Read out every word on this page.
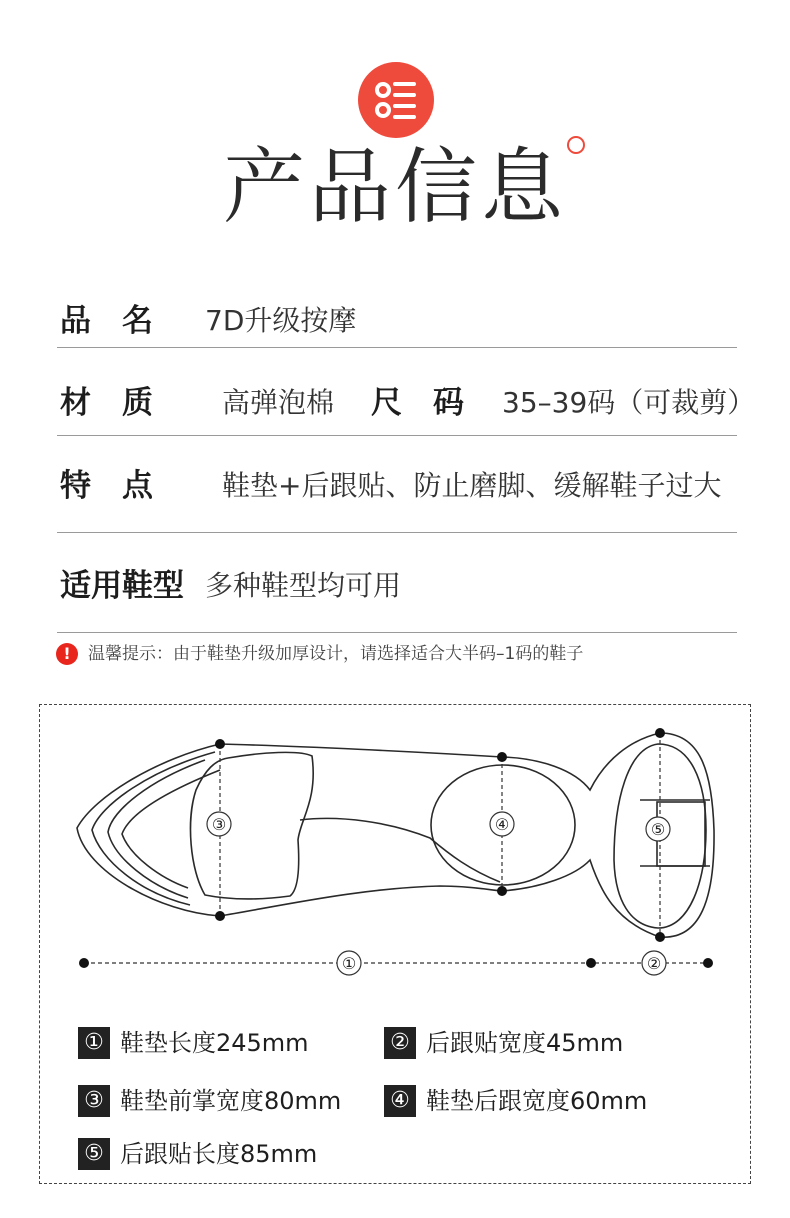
产品信息
品　名 7D升级按摩
材　质 高弹泡棉 尺　码 35–39码（可裁剪）
特　点 鞋垫+后跟贴、防止磨脚、缓解鞋子过大
适用鞋型 多种鞋型均可用
!	温馨提示：由于鞋垫升级加厚设计，请选择适合大半码–1码的鞋子
③	④	⑤
①	②
① 鞋垫长度245mm	② 后跟贴宽度45mm
③ 鞋垫前掌宽度80mm ④ 鞋垫后跟宽度60mm
⑤ 后跟贴长度85mm
